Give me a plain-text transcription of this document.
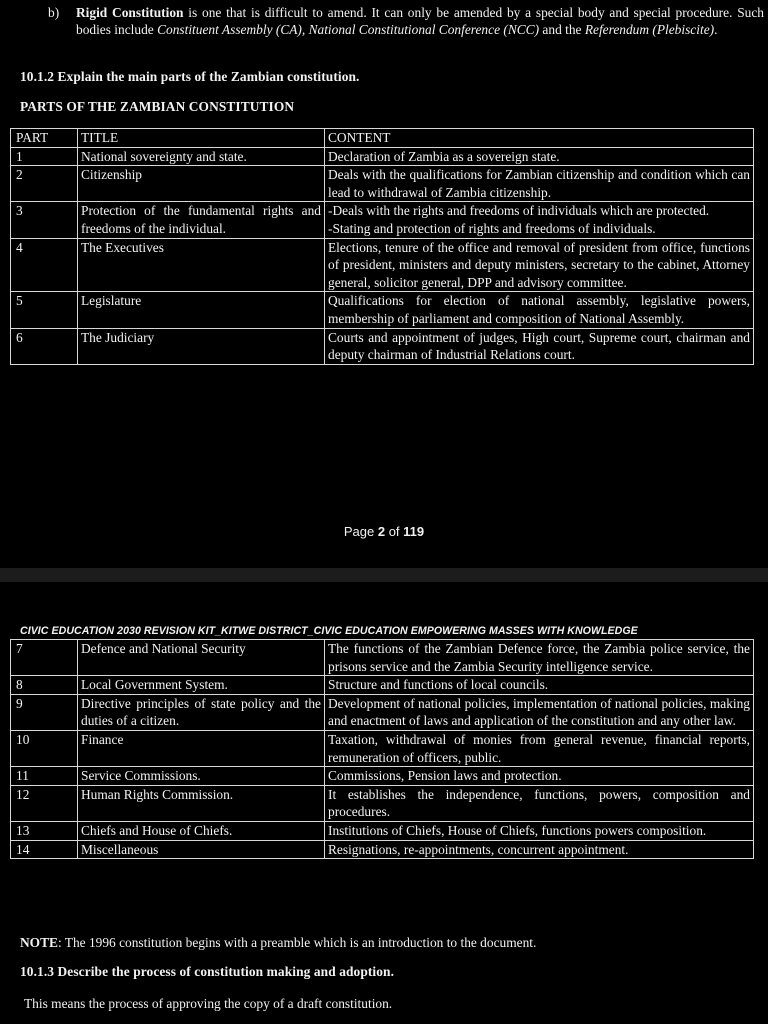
b) Rigid Constitution is one that is difficult to amend. It can only be amended by a special body and special procedure. Such bodies include Constituent Assembly (CA), National Constitutional Conference (NCC) and the Referendum (Plebiscite).
10.1.2 Explain the main parts of the Zambian constitution.
PARTS OF THE ZAMBIAN CONSTITUTION
PART	TITLE	CONTENT
1	National sovereignty and state.	Declaration of Zambia as a sovereign state.
2	Citizenship	Deals with the qualifications for Zambian citizenship and condition which can lead to withdrawal of Zambia citizenship.
3	Protection of the fundamental rights and freedoms of the individual.	-Deals with the rights and freedoms of individuals which are protected.
-Stating and protection of rights and freedoms of individuals.

4	The Executives	Elections, tenure of the office and removal of president from office, functions of president, ministers and deputy ministers, secretary to the cabinet, Attorney general, solicitor general, DPP and advisory committee.
5	Legislature	Qualifications for election of national assembly, legislative powers, membership of parliament and composition of National Assembly.
6	The Judiciary	Courts and appointment of judges, High court, Supreme court, chairman and deputy chairman of Industrial Relations court.
Page 2 of 119
CIVIC EDUCATION 2030 REVISION KIT_KITWE DISTRICT_CIVIC EDUCATION EMPOWERING MASSES WITH KNOWLEDGE
7	Defence and National Security	The functions of the Zambian Defence force, the Zambia police service, the prisons service and the Zambia Security intelligence service.
8	Local Government System.	Structure and functions of local councils.
9	Directive principles of state policy and the duties of a citizen.	Development of national policies, implementation of national policies, making and enactment of laws and application of the constitution and any other law.
10	Finance	Taxation, withdrawal of monies from general revenue, financial reports, remuneration of officers, public.
11	Service Commissions.	Commissions, Pension laws and protection.
12	Human Rights Commission.	It establishes the independence, functions, powers, composition and procedures.
13	Chiefs and House of Chiefs.	Institutions of Chiefs, House of Chiefs, functions powers composition.
14	Miscellaneous	Resignations, re-appointments, concurrent appointment.
NOTE: The 1996 constitution begins with a preamble which is an introduction to the document.
10.1.3 Describe the process of constitution making and adoption.
This means the process of approving the copy of a draft constitution.
